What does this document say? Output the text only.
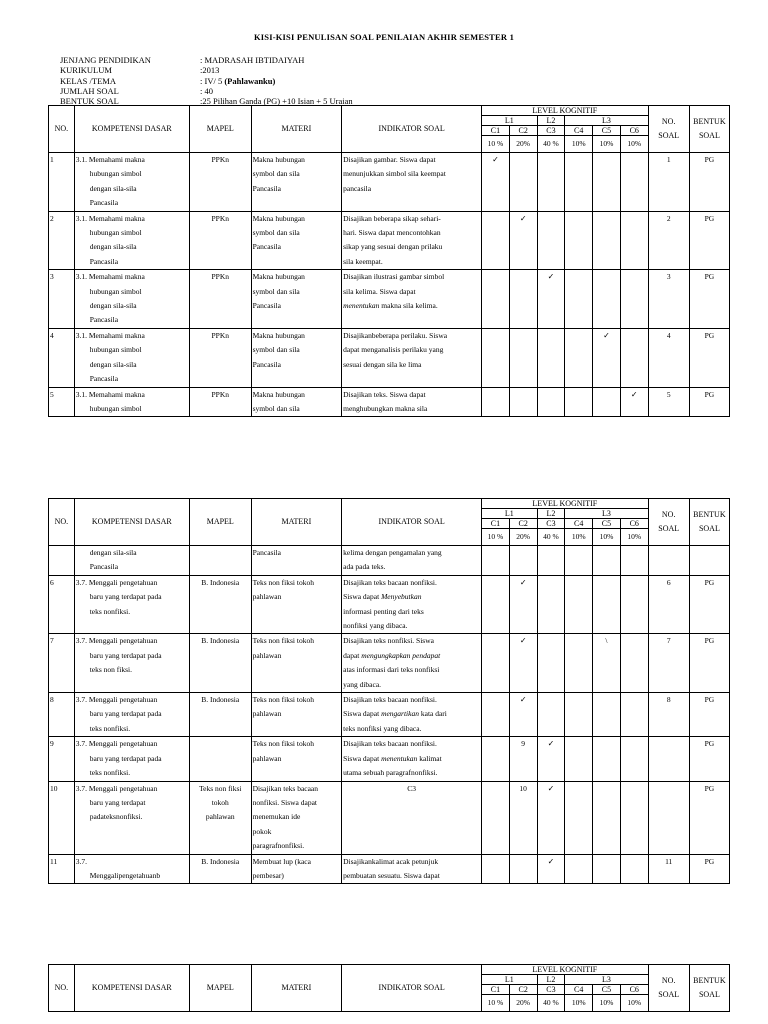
KISI-KISI PENULISAN SOAL PENILAIAN AKHIR SEMESTER 1
JENJANG PENDIDIKAN	: MADRASAH IBTIDAIYAH
KURIKULUM	:2013
KELAS /TEMA	: IV/ 5 (Pahlawanku)
JUMLAH SOAL	: 40
BENTUK SOAL	:25 Pilihan Ganda (PG) +10 Isian + 5 Uraian
NO.	KOMPETENSI DASAR	MAPEL	MATERI	INDIKATOR SOAL	LEVEL KOGNITIF						NO.
SOAL	BENTUK
SOAL
					L1		L2	L3				
					C1	C2	C3	C4	C5	C6		
					10 %	20%	40 %	10%	10%	10%		
1	3.1. Memahami makna
hubungan simbol
dengan sila-sila
Pancasila	PPKn	Makna hubungan
symbol dan sila
Pancasila	Disajikan gambar. Siswa dapat
menunjukkan simbol sila keempat
pancasila	✓						1	PG
2	3.1. Memahami makna
hubungan simbol
dengan sila-sila
Pancasila	PPKn	Makna hubungan
symbol dan sila
Pancasila	Disajikan beberapa sikap sehari-
hari. Siswa dapat mencontohkan
sikap yang sesuai dengan prilaku
sila keempat.		✓					2	PG
3	3.1. Memahami makna
hubungan simbol
dengan sila-sila
Pancasila	PPKn	Makna hubungan
symbol dan sila
Pancasila	Disajikan ilustrasi gambar simbol
sila kelima. Siswa dapat
menentukan makna sila kelima.			✓				3	PG
4	3.1. Memahami makna
hubungan simbol
dengan sila-sila
Pancasila	PPKn	Makna hubungan
symbol dan sila
Pancasila	Disajikanbeberapa perilaku. Siswa
dapat menganalisis perilaku yang
sesuai dengan sila ke lima					✓		4	PG
5	3.1. Memahami makna
hubungan simbol	PPKn	Makna hubungan
symbol dan sila	Disajikan teks. Siswa dapat
menghubungkan makna sila						✓	5	PG
NO.	KOMPETENSI DASAR	MAPEL	MATERI	INDIKATOR SOAL	LEVEL KOGNITIF						NO.
SOAL	BENTUK
SOAL
					L1		L2	L3				
					C1	C2	C3	C4	C5	C6		
					10 %	20%	40 %	10%	10%	10%		

	dengan sila-sila
Pancasila		Pancasila	kelima dengan pengamalan yang
ada pada teks.								

6	3.7. Menggali pengetahuan
baru yang terdapat pada
teks nonfiksi.	B. Indonesia	Teks non fiksi tokoh
pahlawan	Disajikan teks bacaan nonfiksi.
Siswa dapat Menyebutkan
informasi penting dari teks
nonfiksi yang dibaca.		✓					6	PG
7	3.7. Menggali pengetahuan
baru yang terdapat pada
teks non fiksi.	B. Indonesia	Teks non fiksi tokoh
pahlawan	Disajikan teks nonfiksi. Siswa
dapat mengungkapkan pendapat
atas informasi dari teks nonfiksi
yang dibaca.		✓			\		7	PG
8	3.7. Menggali pengetahuan
baru yang terdapat pada
teks nonfiksi.	B. Indonesia	Teks non fiksi tokoh
pahlawan	Disajikan teks bacaan nonfiksi.
Siswa dapat mengartikan kata dari
teks nonfiksi yang dibaca.		✓					8	PG
9	3.7. Menggali pengetahuan
baru yang terdapat pada
teks nonfiksi.		Teks non fiksi tokoh
pahlawan	Disajikan teks bacaan nonfiksi.
Siswa dapat menentukan kalimat
utama sebuah paragrafnonfiksi.		9	✓					PG
10	3.7. Menggali pengetahuan
baru yang terdapat
padateksnonfiksi.	Teks non fiksi
tokoh
pahlawan	Disajikan teks bacaan
nonfiksi. Siswa dapat
menemukan ide
pokok
paragrafnonfiksi.	C3		10	✓					PG
11	3.7.
Menggalipengetahuanb	B. Indonesia	Membuat lup (kaca
pembesar)	Disajikankalimat acak petunjuk
pembuatan sesuatu. Siswa dapat			✓				11	PG
NO.	KOMPETENSI DASAR	MAPEL	MATERI	INDIKATOR SOAL	LEVEL KOGNITIF						NO.
SOAL	BENTUK
SOAL
					L1		L2	L3				
					C1	C2	C3	C4	C5	C6		
					10 %	20%	40 %	10%	10%	10%		
